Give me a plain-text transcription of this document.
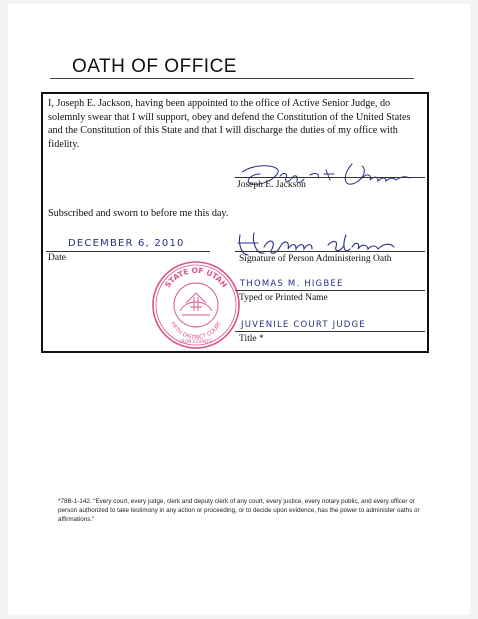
OATH OF OFFICE
I, Joseph E. Jackson, having been appointed to the office of Active Senior Judge, do solemnly swear that I will support, obey and defend the Constitution of the United States and the Constitution of this State and that I will discharge the duties of my office with fidelity.
Joseph E. Jackson
Subscribed and sworn to before me this day.
DECEMBER 6, 2010
Date	Signature of Person Administering Oath
THOMAS M. HIGBEE
Typed or Printed Name
JUVENILE COURT JUDGE
Title *
STATE OF UTAH
FIFTH DISTRICT COURT
IRON COUNTY
*78B-1-142. “Every court, every judge, clerk and deputy clerk of any court, every justice, every notary public, and every officer or person authorized to take testimony in any action or proceeding, or to decide upon evidence, has the power to administer oaths or affirmations.”
